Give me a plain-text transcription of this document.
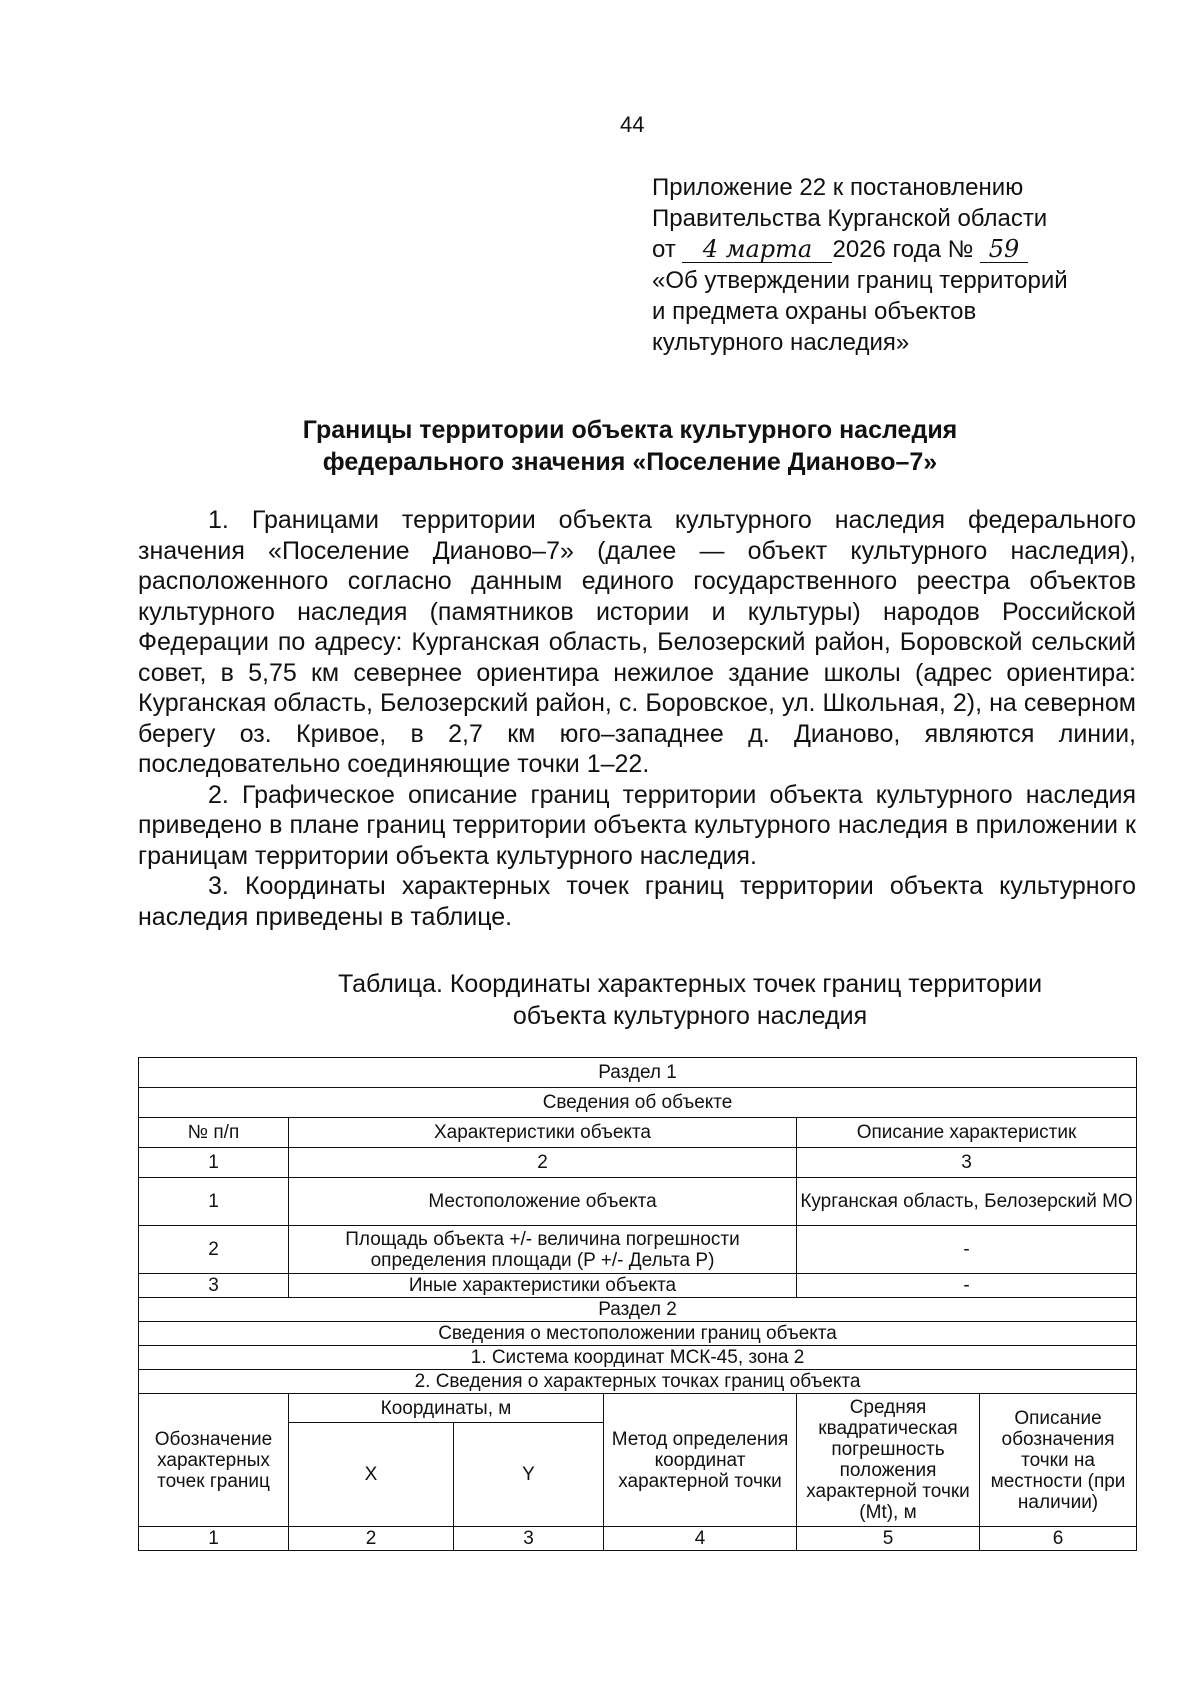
44
Приложение 22 к постановлению
Правительства Курганской области
от 4 марта 2026 года № 59
«Об утверждении границ территорий
и предмета охраны объектов
культурного наследия»
Границы территории объекта культурного наследия
федерального значения «Поселение Дианово–7»

1. Границами территории объекта культурного наследия федерального значения «Поселение Дианово–7» (далее — объект культурного наследия), расположенного согласно данным единого государственного реестра объектов культурного наследия (памятников истории и культуры) народов Российской Федерации по адресу: Курганская область, Белозерский район, Боровской сельский совет, в 5,75 км севернее ориентира нежилое здание школы (адрес ориентира: Курганская область, Белозерский район, с. Боровское, ул. Школьная, 2), на северном берегу оз. Кривое, в 2,7 км юго–западнее д. Дианово, являются линии, последовательно соединяющие точки 1–22.

2. Графическое описание границ территории объекта культурного наследия приведено в плане границ территории объекта культурного наследия в приложении к границам территории объекта культурного наследия.

3. Координаты характерных точек границ территории объекта культурного наследия приведены в таблице.

Таблица. Координаты характерных точек границ территории
объекта культурного наследия
Раздел 1					
Сведения об объекте					
№ п/п	Характеристики объекта			Описание характеристик	
1	2			3	
1	Местоположение объекта			Курганская область, Белозерский МО	
2	Площадь объекта +/- величина погрешности определения площади (P +/- Дельта P)			-	
3	Иные характеристики объекта			-	
Раздел 2					
Сведения о местоположении границ объекта					
1. Система координат МСК-45, зона 2					
2. Сведения о характерных точках границ объекта					
Обозначение характерных точек границ	Координаты, м		Метод определения координат характерной точки	Средняя квадратическая погрешность положения характерной точки (Mt), м	Описание обозначения точки на местности (при наличии)
	X	Y			
1	2	3	4	5	6
